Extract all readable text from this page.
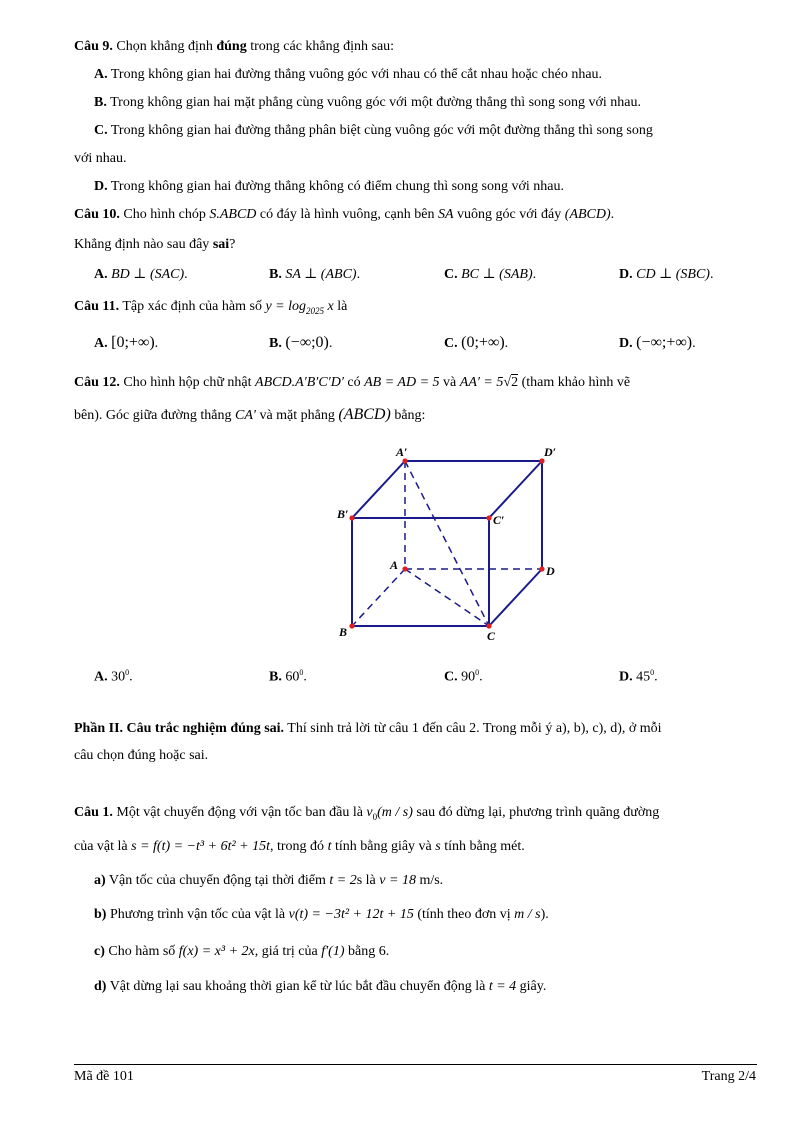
Câu 9. Chọn khẳng định đúng trong các khẳng định sau:
A. Trong không gian hai đường thẳng vuông góc với nhau có thể cắt nhau hoặc chéo nhau.
B. Trong không gian hai mặt phẳng cùng vuông góc với một đường thẳng thì song song với nhau.
C. Trong không gian hai đường thẳng phân biệt cùng vuông góc với một đường thẳng thì song song
với nhau.
D. Trong không gian hai đường thẳng không có điểm chung thì song song với nhau.
Câu 10. Cho hình chóp S.ABCD có đáy là hình vuông, cạnh bên SA vuông góc với đáy (ABCD).
Khẳng định nào sau đây sai?
A. BD ⊥ (SAC).	B. SA ⊥ (ABC).	C. BC ⊥ (SAB).	D. CD ⊥ (SBC).
Câu 11. Tập xác định của hàm số $y = \log_{2025} x$ là
A. [0;+∞).	B. (−∞;0).	C. (0;+∞).	D. (−∞;+∞).
Câu 12. Cho hình hộp chữ nhật ABCD.A′B′C′D′ có AB = AD = 5 và AA′ = 5√2 (tham khảo hình vẽ
bên). Góc giữa đường thẳng CA′ và mặt phẳng (ABCD) bằng:
A′	D′
B′	C′
A	D
B	C
A. $30^0$.	B. $60^0$.	C. $90^0$.	D. $45^0$.
Phần II. Câu trắc nghiệm đúng sai. Thí sinh trả lời từ câu 1 đến câu 2. Trong mỗi ý a), b), c), d), ở mỗi
câu chọn đúng hoặc sai.
Câu 1. Một vật chuyển động với vận tốc ban đầu là $v_0(m / s)$ sau đó dừng lại, phương trình quãng đường
của vật là s = f(t) = −t³ + 6t² + 15t, trong đó t tính bằng giây và s tính bằng mét.
a) Vận tốc của chuyển động tại thời điểm t = 2s là v = 18 m/s.
b) Phương trình vận tốc của vật là v(t) = −3t² + 12t + 15 (tính theo đơn vị m / s).
c) Cho hàm số f(x) = x³ + 2x, giá trị của f′(1) bằng 6.
d) Vật dừng lại sau khoảng thời gian kể từ lúc bắt đầu chuyển động là t = 4 giây.
Mã đề 101	Trang 2/4
